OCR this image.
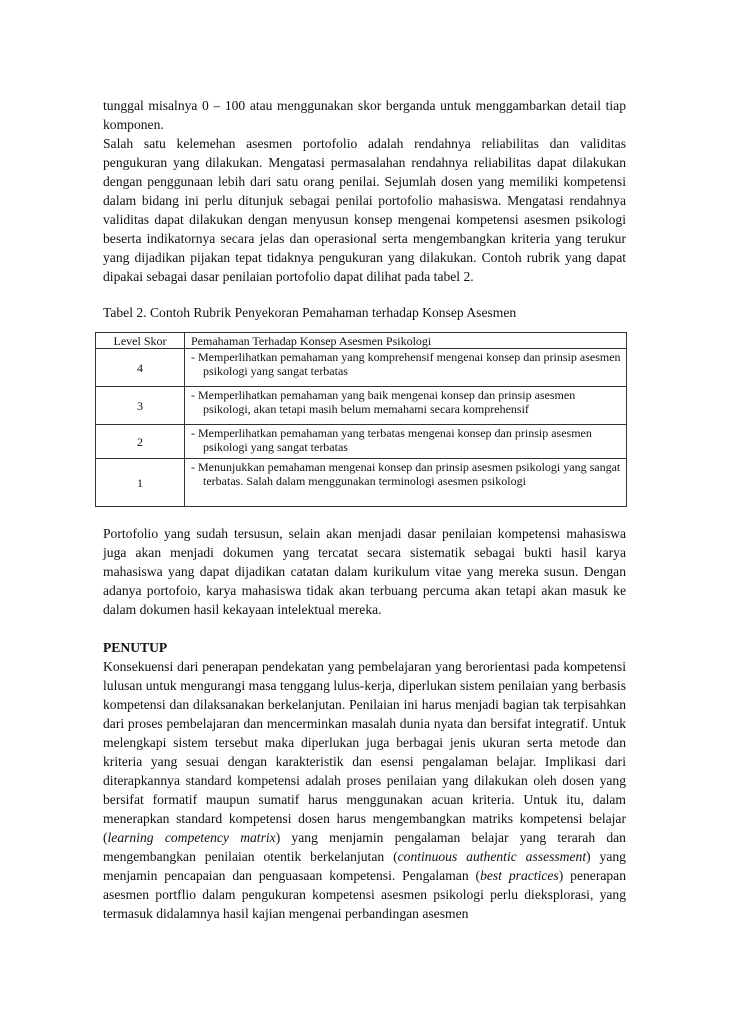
tunggal misalnya 0 – 100 atau menggunakan skor berganda untuk menggambarkan detail tiap komponen.

Salah satu kelemehan asesmen portofolio adalah rendahnya reliabilitas dan validitas pengukuran yang dilakukan. Mengatasi permasalahan rendahnya reliabilitas dapat dilakukan dengan penggunaan lebih dari satu orang penilai. Sejumlah dosen yang memiliki kompetensi dalam bidang ini perlu ditunjuk sebagai penilai portofolio mahasiswa. Mengatasi rendahnya validitas dapat dilakukan dengan menyusun konsep mengenai kompetensi asesmen psikologi beserta indikatornya secara jelas dan operasional serta mengembangkan kriteria yang terukur yang dijadikan pijakan tepat tidaknya pengukuran yang dilakukan. Contoh rubrik yang dapat dipakai sebagai dasar penilaian portofolio dapat dilihat pada tabel 2.

Tabel 2. Contoh Rubrik Penyekoran Pemahaman terhadap Konsep Asesmen
Level Skor	Pemahaman Terhadap Konsep Asesmen Psikologi
4	- Memperlihatkan pemahaman yang komprehensif mengenai konsep dan prinsip asesmen psikologi yang sangat terbatas

3	- Memperlihatkan pemahaman yang baik mengenai konsep dan prinsip asesmen psikologi, akan tetapi masih belum memahami secara komprehensif

2	- Memperlihatkan pemahaman yang terbatas mengenai konsep dan prinsip asesmen psikologi yang sangat terbatas

1	- Menunjukkan pemahaman mengenai konsep dan prinsip asesmen psikologi yang sangat terbatas. Salah dalam menggunakan terminologi asesmen psikologi

Portofolio yang sudah tersusun, selain akan menjadi dasar penilaian kompetensi mahasiswa juga akan menjadi dokumen yang tercatat secara sistematik sebagai bukti hasil karya mahasiswa yang dapat dijadikan catatan dalam kurikulum vitae yang mereka susun. Dengan adanya portofoio, karya mahasiswa tidak akan terbuang percuma akan tetapi akan masuk ke dalam dokumen hasil kekayaan intelektual mereka.

PENUTUP

Konsekuensi dari penerapan pendekatan yang pembelajaran yang berorientasi pada kompetensi lulusan untuk mengurangi masa tenggang lulus-kerja, diperlukan sistem penilaian yang berbasis kompetensi dan dilaksanakan berkelanjutan. Penilaian ini harus menjadi bagian tak terpisahkan dari proses pembelajaran dan mencerminkan masalah dunia nyata dan bersifat integratif. Untuk melengkapi sistem tersebut maka diperlukan juga berbagai jenis ukuran serta metode dan kriteria yang sesuai dengan karakteristik dan esensi pengalaman belajar. Implikasi dari diterapkannya standard kompetensi adalah proses penilaian yang dilakukan oleh dosen yang bersifat formatif maupun sumatif harus menggunakan acuan kriteria. Untuk itu, dalam menerapkan standard kompetensi dosen harus mengembangkan matriks kompetensi belajar (learning competency matrix) yang menjamin pengalaman belajar yang terarah dan mengembangkan penilaian otentik berkelanjutan (continuous authentic assessment) yang menjamin pencapaian dan penguasaan kompetensi. Pengalaman (best practices) penerapan asesmen portflio dalam pengukuran kompetensi asesmen psikologi perlu dieksplorasi, yang termasuk didalamnya hasil kajian mengenai perbandingan asesmen
